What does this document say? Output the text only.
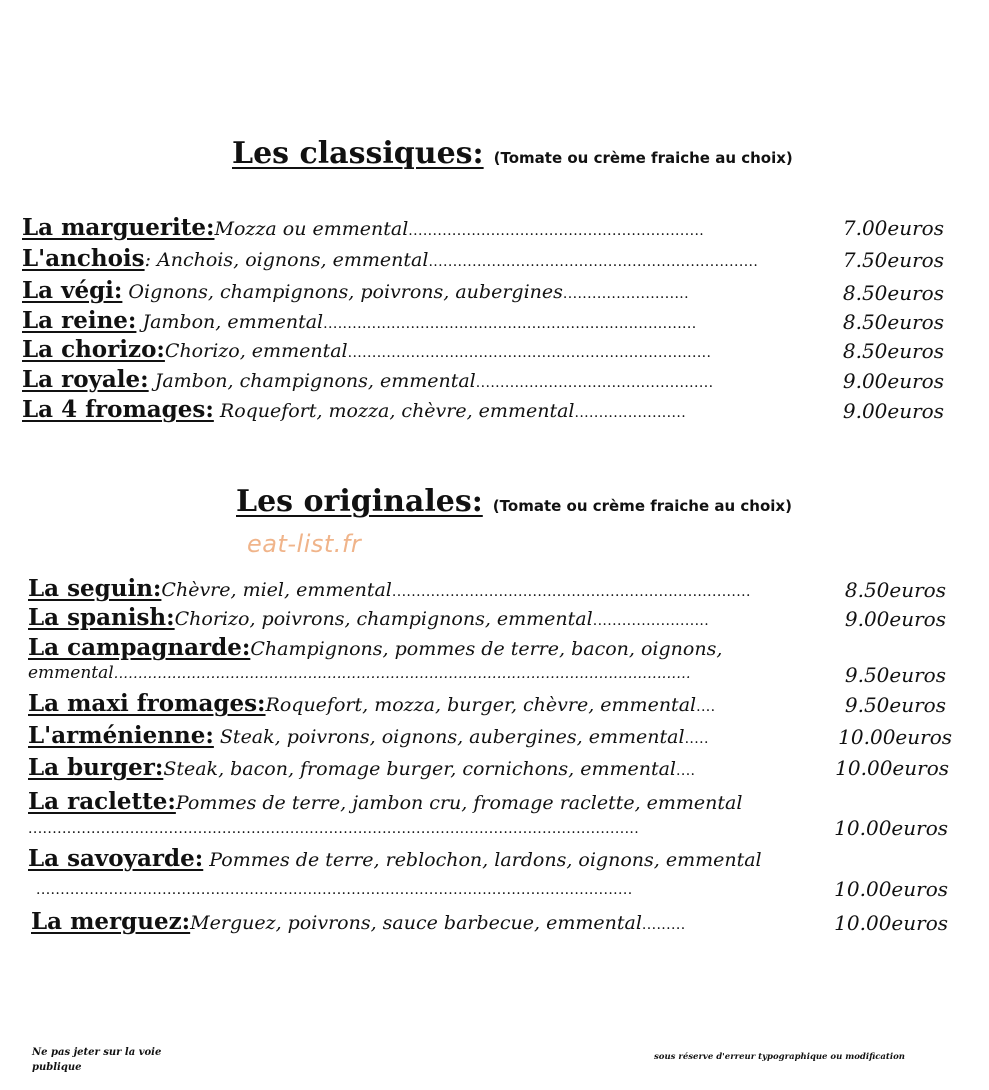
Les classiques: (Tomate ou crème fraiche au choix)
La marguerite:Mozza ou emmental.............................................................	7.00euros
L'anchois: Anchois, oignons, emmental....................................................................	7.50euros
La végi: Oignons, champignons, poivrons, aubergines..........................	8.50euros
La reine: Jambon, emmental.............................................................................	8.50euros
La chorizo:Chorizo, emmental...........................................................................	8.50euros
La royale: Jambon, champignons, emmental.................................................	9.00euros
La 4 fromages: Roquefort, mozza, chèvre, emmental.......................	9.00euros
Les originales: (Tomate ou crème fraiche au choix)
eat-list.fr
La seguin:Chèvre, miel, emmental..........................................................................	8.50euros
La spanish:Chorizo, poivrons, champignons, emmental........................	9.00euros
La campagnarde:Champignons, pommes de terre, bacon, oignons,
emmental.......................................................................................................................	9.50euros
La maxi fromages:Roquefort, mozza, burger, chèvre, emmental....	9.50euros
L'arménienne: Steak, poivrons, oignons, aubergines, emmental.....	10.00euros
La burger:Steak, bacon, fromage burger, cornichons, emmental....	10.00euros
La raclette:Pommes de terre, jambon cru, fromage raclette, emmental
..............................................................................................................................	10.00euros
La savoyarde: Pommes de terre, reblochon, lardons, oignons, emmental
...........................................................................................................................	10.00euros
La merguez:Merguez, poivrons, sauce barbecue, emmental.........	10.00euros
Ne pas jeter sur la voie publique
sous réserve d'erreur typographique ou modification
